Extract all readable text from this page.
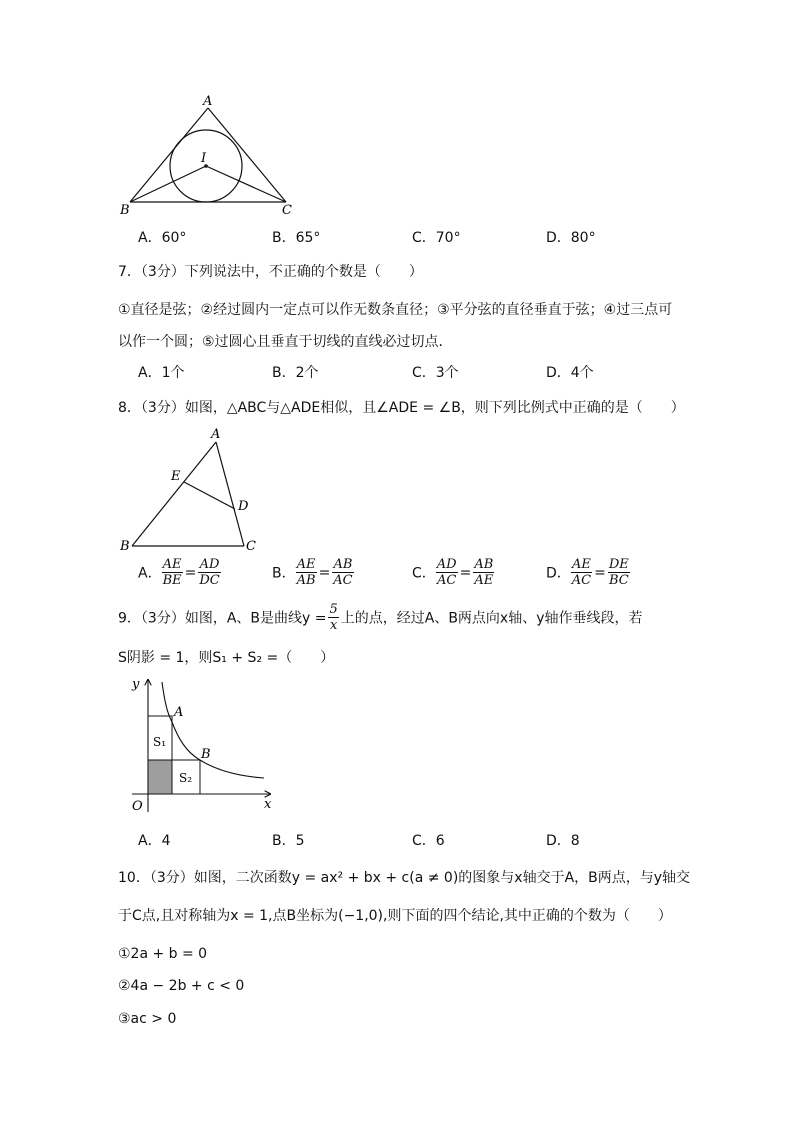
A
I
B	C
A．60°	B．65°	C．70°	D．80°
7．（3分）下列说法中，不正确的个数是（　　）
①直径是弦；②经过圆内一定点可以作无数条直径；③平分弦的直径垂直于弦；④过三点可
以作一个圆；⑤过圆心且垂直于切线的直线必过切点．
A．1个	B．2个	C．3个	D．4个
8．（3分）如图，△ABC与△ADE相似，且∠ADE = ∠B，则下列比例式中正确的是（　　）
A
E
D
B	C
A． $\frac{AE}{BE} = \frac{AD}{DC}$	B． $\frac{AE}{AB} = \frac{AB}{AC}$	C． $\frac{AD}{AC} = \frac{AB}{AE}$	D． $\frac{AE}{AC} = \frac{DE}{BC}$
9．（3分）如图，A、B是曲线$y = \frac{5}{x}$ 上的点，经过A、B两点向x轴、y轴作垂线段，若
S阴影 = 1，则S₁ + S₂ =（　　）
y
x
O
A
B
S₁
S₂
A．4	B．5	C．6	D．8
10．（3分）如图，二次函数y = ax² + bx + c(a ≠ 0)的图象与x轴交于A，B两点，与y轴交
于C点,且对称轴为x = 1,点B坐标为(−1,0),则下面的四个结论,其中正确的个数为（　　）
①2a + b = 0
②4a − 2b + c < 0
③ac > 0
